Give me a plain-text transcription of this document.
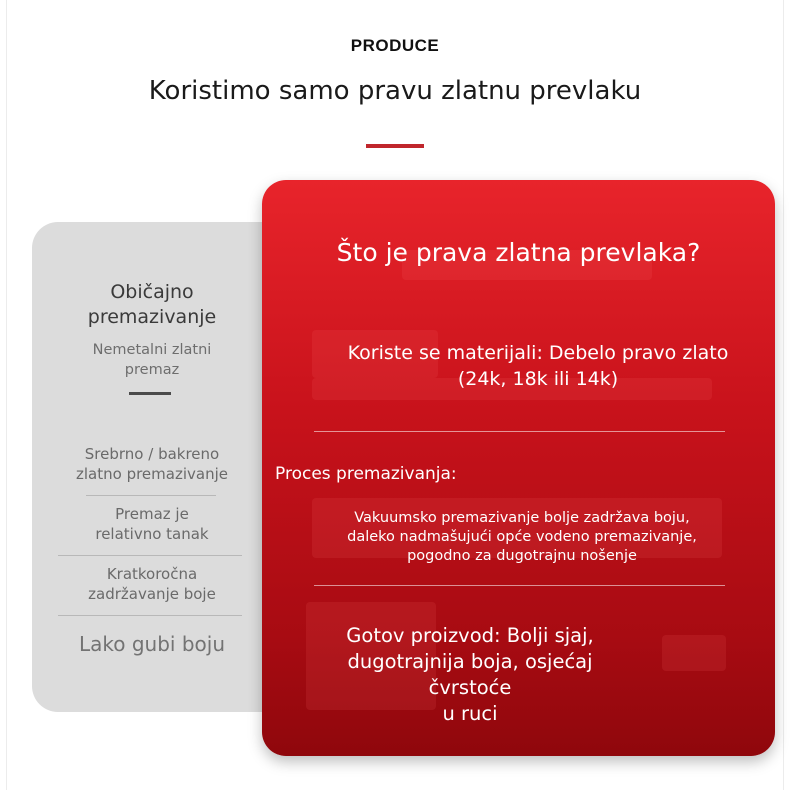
PRODUCE
Koristimo samo pravu zlatnu prevlaku
Običajno
premazivanje
Nemetalni zlatni
premaz
Srebrno / bakreno
zlatno premazivanje
Premaz je
relativno tanak
Kratkoročna
zadržavanje boje
Lako gubi boju
Što je prava zlatna prevlaka?
Koriste se materijali: Debelo pravo zlato
(24k, 18k ili 14k)
Proces premazivanja:
Vakuumsko premazivanje bolje zadržava boju,
daleko nadmašujući opće vodeno premazivanje,
pogodno za dugotrajnu nošenje
Gotov proizvod: Bolji sjaj,
dugotrajnija boja, osjećaj čvrstoće
u ruci
